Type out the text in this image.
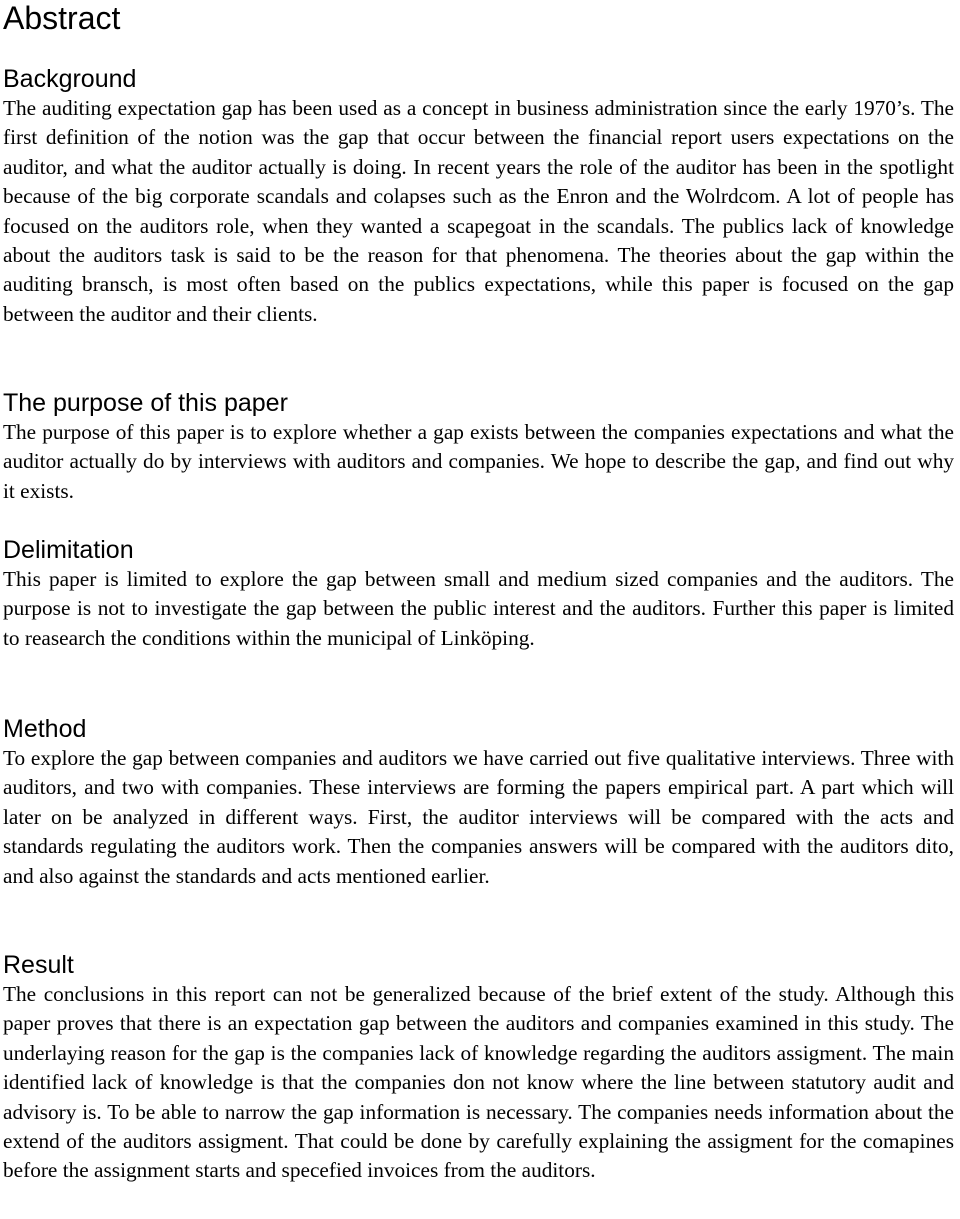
Abstract
Background

The auditing expectation gap has been used as a concept in business administration since the early 1970’s. The first definition of the notion was the gap that occur between the financial report users expectations on the auditor, and what the auditor actually is doing. In recent years the role of the auditor has been in the spotlight because of the big corporate scandals and colapses such as the Enron and the Wolrdcom. A lot of people has focused on the auditors role, when they wanted a scapegoat in the scandals. The publics lack of knowledge about the auditors task is said to be the reason for that phenomena. The theories about the gap within the auditing bransch, is most often based on the publics expectations, while this paper is focused on the gap between the auditor and their clients.

The purpose of this paper

The purpose of this paper is to explore whether a gap exists between the companies expectations and what the auditor actually do by interviews with auditors and companies. We hope to describe the gap, and find out why it exists.

Delimitation

This paper is limited to explore the gap between small and medium sized companies and the auditors. The purpose is not to investigate the gap between the public interest and the auditors. Further this paper is limited to reasearch the conditions within the municipal of Linköping.

Method

To explore the gap between companies and auditors we have carried out five qualitative interviews. Three with auditors, and two with companies. These interviews are forming the papers empirical part. A part which will later on be analyzed in different ways. First, the auditor interviews will be compared with the acts and standards regulating the auditors work. Then the companies answers will be compared with the auditors dito, and also against the standards and acts mentioned earlier.

Result

The conclusions in this report can not be generalized because of the brief extent of the study. Although this paper proves that there is an expectation gap between the auditors and companies examined in this study. The underlaying reason for the gap is the companies lack of knowledge regarding the auditors assigment. The main identified lack of knowledge is that the companies don not know where the line between statutory audit and advisory is. To be able to narrow the gap information is necessary. The companies needs information about the extend of the auditors assigment. That could be done by carefully explaining the assigment for the comapines before the assignment starts and specefied invoices from the auditors.
